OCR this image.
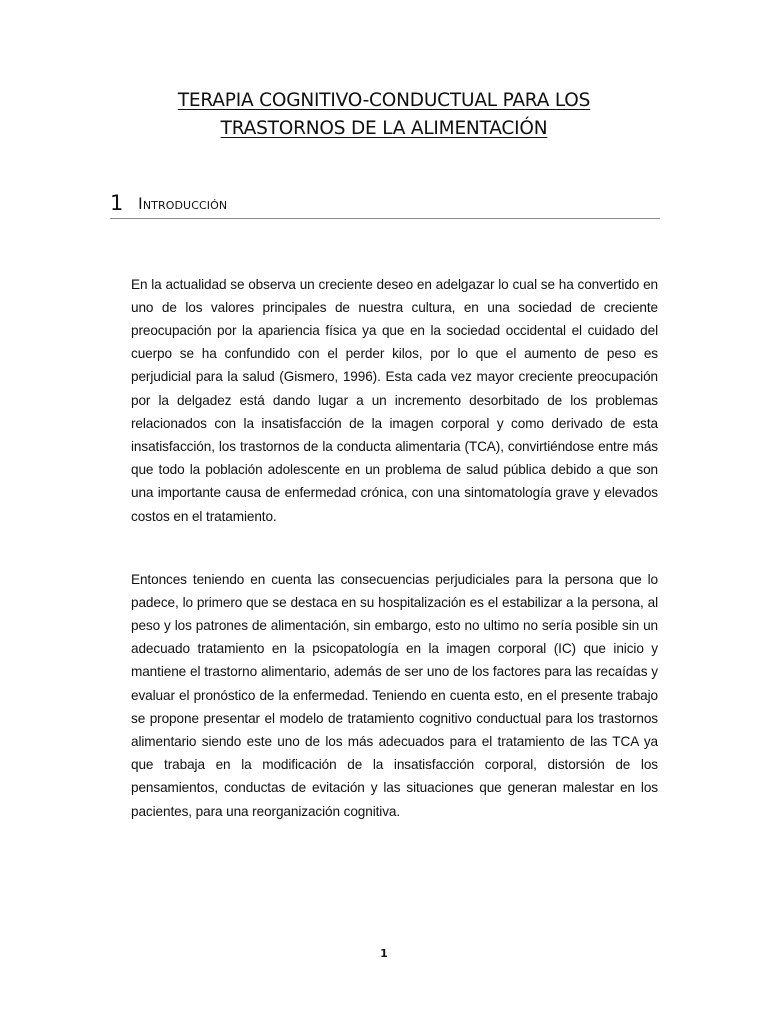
TERAPIA COGNITIVO-CONDUCTUAL PARA LOS
TRASTORNOS DE LA ALIMENTACIÓN
1 Introducción

En la actualidad se observa un creciente deseo en adelgazar lo cual se ha convertido en uno de los valores principales de nuestra cultura, en una sociedad de creciente preocupación por la apariencia física ya que en la sociedad occidental el cuidado del cuerpo se ha confundido con el perder kilos, por lo que el aumento de peso es perjudicial para la salud (Gismero, 1996). Esta cada vez mayor creciente preocupación por la delgadez está dando lugar a un incremento desorbitado de los problemas relacionados con la insatisfacción de la imagen corporal y como derivado de esta insatisfacción, los trastornos de la conducta alimentaria (TCA), convirtiéndose entre más que todo la población adolescente en un problema de salud pública debido a que son una importante causa de enfermedad crónica, con una sintomatología grave y elevados costos en el tratamiento.

Entonces teniendo en cuenta las consecuencias perjudiciales para la persona que lo padece, lo primero que se destaca en su hospitalización es el estabilizar a la persona, al peso y los patrones de alimentación, sin embargo, esto no ultimo no sería posible sin un adecuado tratamiento en la psicopatología en la imagen corporal (IC) que inicio y mantiene el trastorno alimentario, además de ser uno de los factores para las recaídas y evaluar el pronóstico de la enfermedad. Teniendo en cuenta esto, en el presente trabajo se propone presentar el modelo de tratamiento cognitivo conductual para los trastornos alimentario siendo este uno de los más adecuados para el tratamiento de las TCA ya que trabaja en la modificación de la insatisfacción corporal, distorsión de los pensamientos, conductas de evitación y las situaciones que generan malestar en los pacientes, para una reorganización cognitiva.

1
